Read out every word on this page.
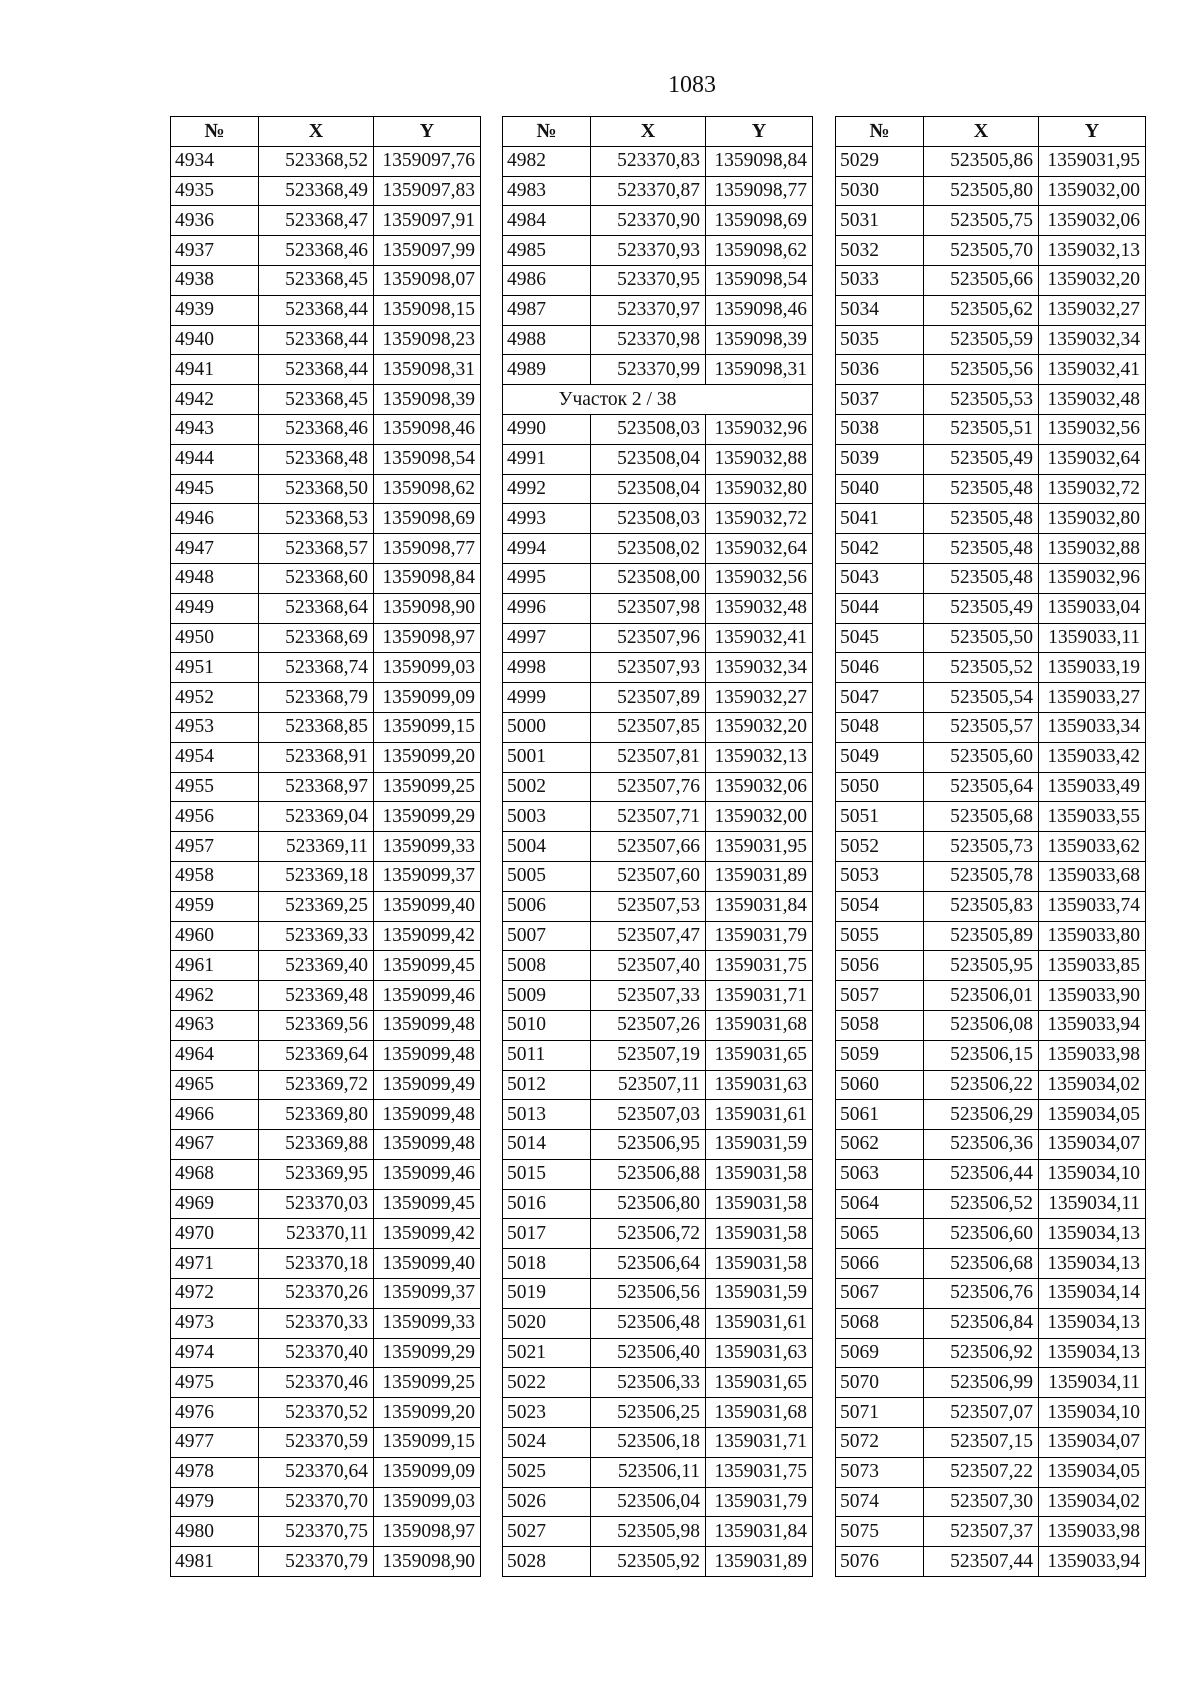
1083
№	X	Y
4934	523368,52	1359097,76
4935	523368,49	1359097,83
4936	523368,47	1359097,91
4937	523368,46	1359097,99
4938	523368,45	1359098,07
4939	523368,44	1359098,15
4940	523368,44	1359098,23
4941	523368,44	1359098,31
4942	523368,45	1359098,39
4943	523368,46	1359098,46
4944	523368,48	1359098,54
4945	523368,50	1359098,62
4946	523368,53	1359098,69
4947	523368,57	1359098,77
4948	523368,60	1359098,84
4949	523368,64	1359098,90
4950	523368,69	1359098,97
4951	523368,74	1359099,03
4952	523368,79	1359099,09
4953	523368,85	1359099,15
4954	523368,91	1359099,20
4955	523368,97	1359099,25
4956	523369,04	1359099,29
4957	523369,11	1359099,33
4958	523369,18	1359099,37
4959	523369,25	1359099,40
4960	523369,33	1359099,42
4961	523369,40	1359099,45
4962	523369,48	1359099,46
4963	523369,56	1359099,48
4964	523369,64	1359099,48
4965	523369,72	1359099,49
4966	523369,80	1359099,48
4967	523369,88	1359099,48
4968	523369,95	1359099,46
4969	523370,03	1359099,45
4970	523370,11	1359099,42
4971	523370,18	1359099,40
4972	523370,26	1359099,37
4973	523370,33	1359099,33
4974	523370,40	1359099,29
4975	523370,46	1359099,25
4976	523370,52	1359099,20
4977	523370,59	1359099,15
4978	523370,64	1359099,09
4979	523370,70	1359099,03
4980	523370,75	1359098,97
4981	523370,79	1359098,90
№	X	Y
4982	523370,83	1359098,84
4983	523370,87	1359098,77
4984	523370,90	1359098,69
4985	523370,93	1359098,62
4986	523370,95	1359098,54
4987	523370,97	1359098,46
4988	523370,98	1359098,39
4989	523370,99	1359098,31
Участок 2 / 38		
4990	523508,03	1359032,96
4991	523508,04	1359032,88
4992	523508,04	1359032,80
4993	523508,03	1359032,72
4994	523508,02	1359032,64
4995	523508,00	1359032,56
4996	523507,98	1359032,48
4997	523507,96	1359032,41
4998	523507,93	1359032,34
4999	523507,89	1359032,27
5000	523507,85	1359032,20
5001	523507,81	1359032,13
5002	523507,76	1359032,06
5003	523507,71	1359032,00
5004	523507,66	1359031,95
5005	523507,60	1359031,89
5006	523507,53	1359031,84
5007	523507,47	1359031,79
5008	523507,40	1359031,75
5009	523507,33	1359031,71
5010	523507,26	1359031,68
5011	523507,19	1359031,65
5012	523507,11	1359031,63
5013	523507,03	1359031,61
5014	523506,95	1359031,59
5015	523506,88	1359031,58
5016	523506,80	1359031,58
5017	523506,72	1359031,58
5018	523506,64	1359031,58
5019	523506,56	1359031,59
5020	523506,48	1359031,61
5021	523506,40	1359031,63
5022	523506,33	1359031,65
5023	523506,25	1359031,68
5024	523506,18	1359031,71
5025	523506,11	1359031,75
5026	523506,04	1359031,79
5027	523505,98	1359031,84
5028	523505,92	1359031,89
№	X	Y
5029	523505,86	1359031,95
5030	523505,80	1359032,00
5031	523505,75	1359032,06
5032	523505,70	1359032,13
5033	523505,66	1359032,20
5034	523505,62	1359032,27
5035	523505,59	1359032,34
5036	523505,56	1359032,41
5037	523505,53	1359032,48
5038	523505,51	1359032,56
5039	523505,49	1359032,64
5040	523505,48	1359032,72
5041	523505,48	1359032,80
5042	523505,48	1359032,88
5043	523505,48	1359032,96
5044	523505,49	1359033,04
5045	523505,50	1359033,11
5046	523505,52	1359033,19
5047	523505,54	1359033,27
5048	523505,57	1359033,34
5049	523505,60	1359033,42
5050	523505,64	1359033,49
5051	523505,68	1359033,55
5052	523505,73	1359033,62
5053	523505,78	1359033,68
5054	523505,83	1359033,74
5055	523505,89	1359033,80
5056	523505,95	1359033,85
5057	523506,01	1359033,90
5058	523506,08	1359033,94
5059	523506,15	1359033,98
5060	523506,22	1359034,02
5061	523506,29	1359034,05
5062	523506,36	1359034,07
5063	523506,44	1359034,10
5064	523506,52	1359034,11
5065	523506,60	1359034,13
5066	523506,68	1359034,13
5067	523506,76	1359034,14
5068	523506,84	1359034,13
5069	523506,92	1359034,13
5070	523506,99	1359034,11
5071	523507,07	1359034,10
5072	523507,15	1359034,07
5073	523507,22	1359034,05
5074	523507,30	1359034,02
5075	523507,37	1359033,98
5076	523507,44	1359033,94
